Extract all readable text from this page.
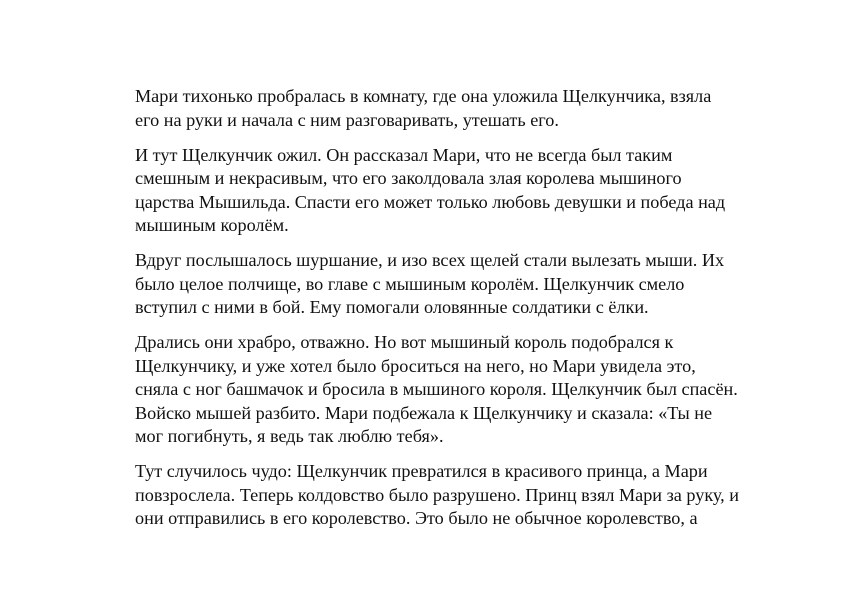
Мари тихонько пробралась в комнату, где она уложила Щелкунчика, взяла
его на руки и начала с ним разговаривать, утешать его.

И тут Щелкунчик ожил. Он рассказал Мари, что не всегда был таким
смешным и некрасивым, что его заколдовала злая королева мышиного
царства Мышильда. Спасти его может только любовь девушки и победа над
мышиным королём.

Вдруг послышалось шуршание, и изо всех щелей стали вылезать мыши. Их
было целое полчище, во главе с мышиным королём. Щелкунчик смело
вступил с ними в бой. Ему помогали оловянные солдатики с ёлки.

Дрались они храбро, отважно. Но вот мышиный король подобрался к
Щелкунчику, и уже хотел было броситься на него, но Мари увидела это,
сняла с ног башмачок и бросила в мышиного короля. Щелкунчик был спасён.
Войско мышей разбито. Мари подбежала к Щелкунчику и сказала: «Ты не
мог погибнуть, я ведь так люблю тебя».

Тут случилось чудо: Щелкунчик превратился в красивого принца, а Мари
повзрослела. Теперь колдовство было разрушено. Принц взял Мари за руку, и
они отправились в его королевство. Это было не обычное королевство, а
